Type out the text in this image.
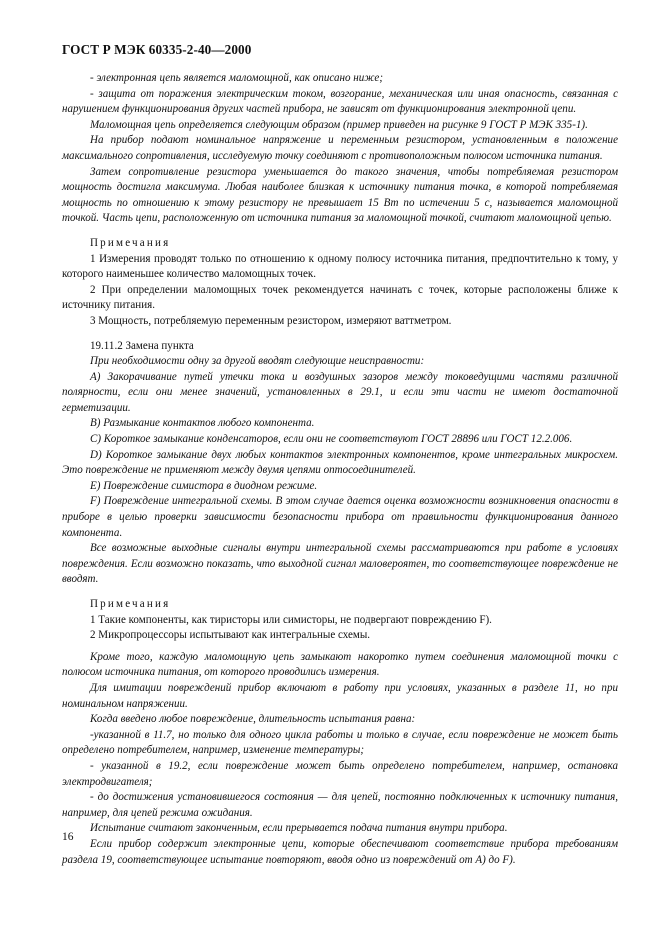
ГОСТ Р МЭК 60335-2-40—2000

- электронная цепь является маломощной, как описано ниже;

- защита от поражения электрическим током, возгорание, механическая или иная опасность, связанная с нарушением функционирования других частей прибора, не зависят от функционирования электронной цепи.

Маломощная цепь определяется следующим образом (пример приведен на рисунке 9 ГОСТ Р МЭК 335-1).

На прибор подают номинальное напряжение и переменным резистором, установленным в положение максимального сопротивления, исследуемую точку соединяют с противоположным полюсом источника питания.

Затем сопротивление резистора уменьшается до такого значения, чтобы потребляемая резистором мощность достигла максимума. Любая наиболее близкая к источнику питания точка, в которой потребляемая мощность по отношению к этому резистору не превышает 15 Вт по истечении 5 с, называется маломощной точкой. Часть цепи, расположенную от источника питания за маломощной точкой, считают маломощной цепью.

Примечания

1 Измерения проводят только по отношению к одному полюсу источника питания, предпочтительно к тому, у которого наименьшее количество маломощных точек.

2 При определении маломощных точек рекомендуется начинать с точек, которые расположены ближе к источнику питания.

3 Мощность, потребляемую переменным резистором, измеряют ваттметром.

19.11.2 Замена пункта

При необходимости одну за другой вводят следующие неисправности:

А) Закорачивание путей утечки тока и воздушных зазоров между токоведущими частями различной полярности, если они менее значений, установленных в 29.1, и если эти части не имеют достаточной герметизации.

В) Размыкание контактов любого компонента.

С) Короткое замыкание конденсаторов, если они не соответствуют ГОСТ 28896 или ГОСТ 12.2.006.

D) Короткое замыкание двух любых контактов электронных компонентов, кроме интегральных микросхем. Это повреждение не применяют между двумя цепями оптосоединителей.

Е) Повреждение симистора в диодном режиме.

F) Повреждение интегральной схемы. В этом случае дается оценка возможности возникновения опасности в приборе в целью проверки зависимости безопасности прибора от правильности функционирования данного компонента.

Все возможные выходные сигналы внутри интегральной схемы рассматриваются при работе в условиях повреждения. Если возможно показать, что выходной сигнал маловероятен, то соответствующее повреждение не вводят.

Примечания

1 Такие компоненты, как тиристоры или симисторы, не подвергают повреждению F).

2 Микропроцессоры испытывают как интегральные схемы.

Кроме того, каждую маломощную цепь замыкают накоротко путем соединения маломощной точки с полюсом источника питания, от которого проводились измерения.

Для имитации повреждений прибор включают в работу при условиях, указанных в разделе 11, но при номинальном напряжении.

Когда введено любое повреждение, длительность испытания равна:

-указанной в 11.7, но только для одного цикла работы и только в случае, если повреждение не может быть определено потребителем, например, изменение температуры;

- указанной в 19.2, если повреждение может быть определено потребителем, например, остановка электродвигателя;

- до достижения установившегося состояния — для цепей, постоянно подключенных к источнику питания, например, для цепей режима ожидания.

Испытание считают законченным, если прерывается подача питания внутри прибора.

Если прибор содержит электронные цепи, которые обеспечивают соответствие прибора требованиям раздела 19, соответствующее испытание повторяют, вводя одно из повреждений от А) до F).

16
